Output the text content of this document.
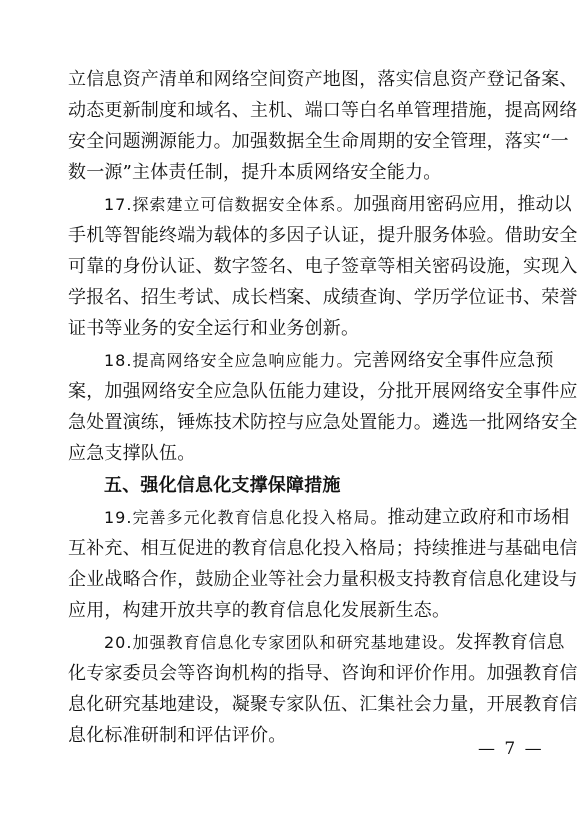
立信息资产清单和网络空间资产地图，落实信息资产登记备案、
动态更新制度和域名、主机、端口等白名单管理措施，提高网络
安全问题溯源能力。加强数据全生命周期的安全管理，落实“一
数一源”主体责任制，提升本质网络安全能力。
17.探索建立可信数据安全体系。加强商用密码应用，推动以
手机等智能终端为载体的多因子认证，提升服务体验。借助安全
可靠的身份认证、数字签名、电子签章等相关密码设施，实现入
学报名、招生考试、成长档案、成绩查询、学历学位证书、荣誉
证书等业务的安全运行和业务创新。
18.提高网络安全应急响应能力。完善网络安全事件应急预
案，加强网络安全应急队伍能力建设，分批开展网络安全事件应
急处置演练，锤炼技术防控与应急处置能力。遴选一批网络安全
应急支撑队伍。
五、强化信息化支撑保障措施
19.完善多元化教育信息化投入格局。推动建立政府和市场相
互补充、相互促进的教育信息化投入格局；持续推进与基础电信
企业战略合作，鼓励企业等社会力量积极支持教育信息化建设与
应用，构建开放共享的教育信息化发展新生态。
20.加强教育信息化专家团队和研究基地建设。发挥教育信息
化专家委员会等咨询机构的指导、咨询和评价作用。加强教育信
息化研究基地建设，凝聚专家队伍、汇集社会力量，开展教育信
息化标准研制和评估评价。
— 7 —
